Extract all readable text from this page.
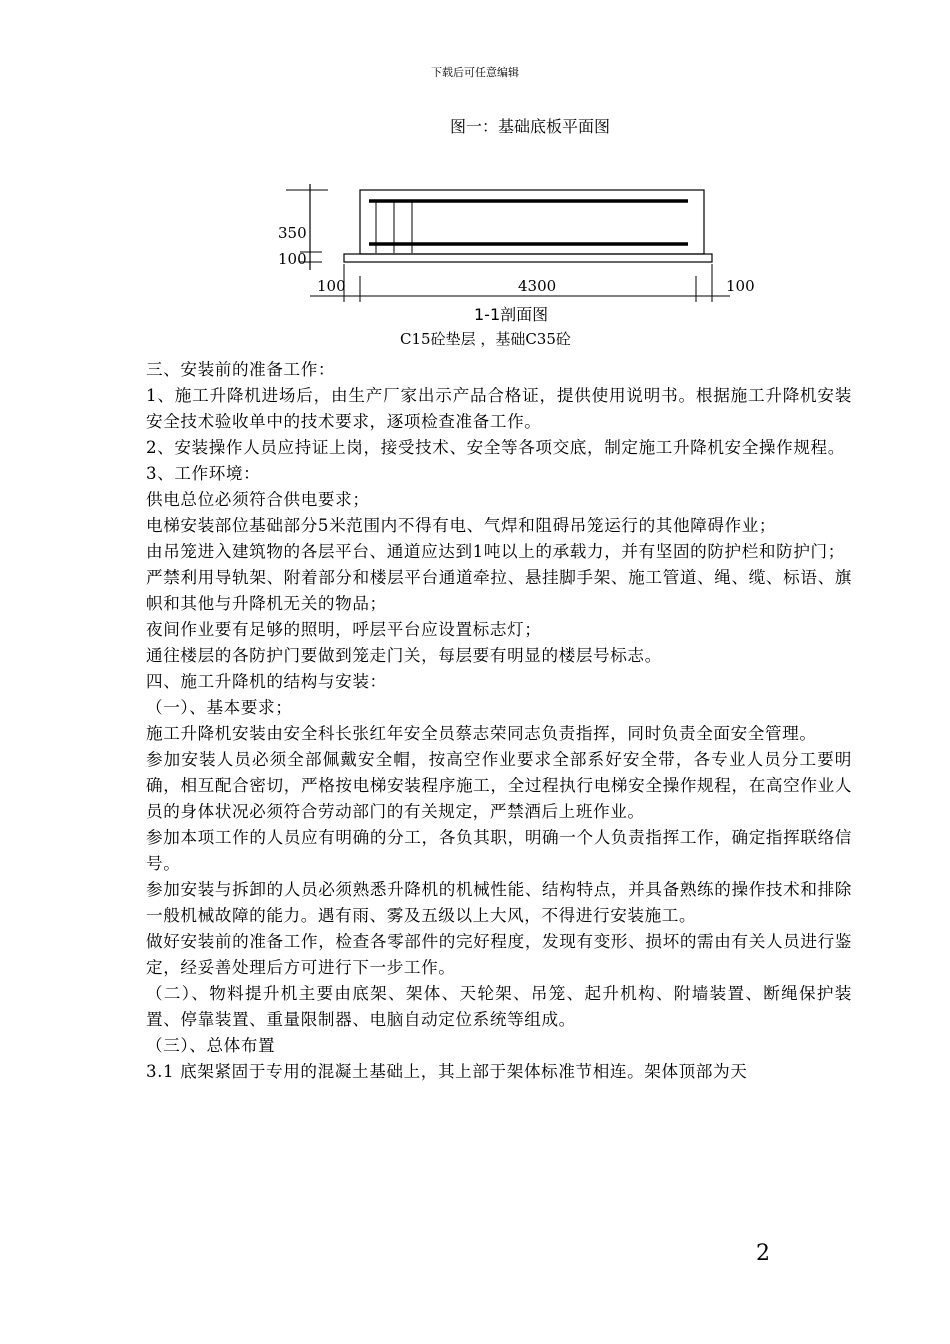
下载后可任意编辑
图一：基础底板平面图
350
100
100	4300	100
1-1剖面图
C15砼垫层 ，基础C35砼

三、安装前的准备工作：

1、施工升降机进场后，由生产厂家出示产品合格证，提供使用说明书。根据施工升降机安装安全技术验收单中的技术要求，逐项检查准备工作。

2、安装操作人员应持证上岗，接受技术、安全等各项交底，制定施工升降机安全操作规程。

3、工作环境：

供电总位必须符合供电要求；

电梯安装部位基础部分5米范围内不得有电、气焊和阻碍吊笼运行的其他障碍作业；

由吊笼进入建筑物的各层平台、通道应达到1吨以上的承载力，并有坚固的防护栏和防护门；

严禁利用导轨架、附着部分和楼层平台通道牵拉、悬挂脚手架、施工管道、绳、缆、标语、旗帜和其他与升降机无关的物品；

夜间作业要有足够的照明，呼层平台应设置标志灯；

通往楼层的各防护门要做到笼走门关，每层要有明显的楼层号标志。

四、施工升降机的结构与安装：

（一）、基本要求；

施工升降机安装由安全科长张红年安全员蔡志荣同志负责指挥，同时负责全面安全管理。

参加安装人员必须全部佩戴安全帽，按高空作业要求全部系好安全带，各专业人员分工要明确，相互配合密切，严格按电梯安装程序施工，全过程执行电梯安全操作规程，在高空作业人员的身体状况必须符合劳动部门的有关规定，严禁酒后上班作业。

参加本项工作的人员应有明确的分工，各负其职，明确一个人负责指挥工作，确定指挥联络信号。

参加安装与拆卸的人员必须熟悉升降机的机械性能、结构特点，并具备熟练的操作技术和排除一般机械故障的能力。遇有雨、雾及五级以上大风，不得进行安装施工。

做好安装前的准备工作，检查各零部件的完好程度，发现有变形、损坏的需由有关人员进行鉴定，经妥善处理后方可进行下一步工作。

（二）、物料提升机主要由底架、架体、天轮架、吊笼、起升机构、附墙装置、断绳保护装置、停靠装置、重量限制器、电脑自动定位系统等组成。

（三）、总体布置

3.1 底架紧固于专用的混凝土基础上，其上部于架体标准节相连。架体顶部为天

2
